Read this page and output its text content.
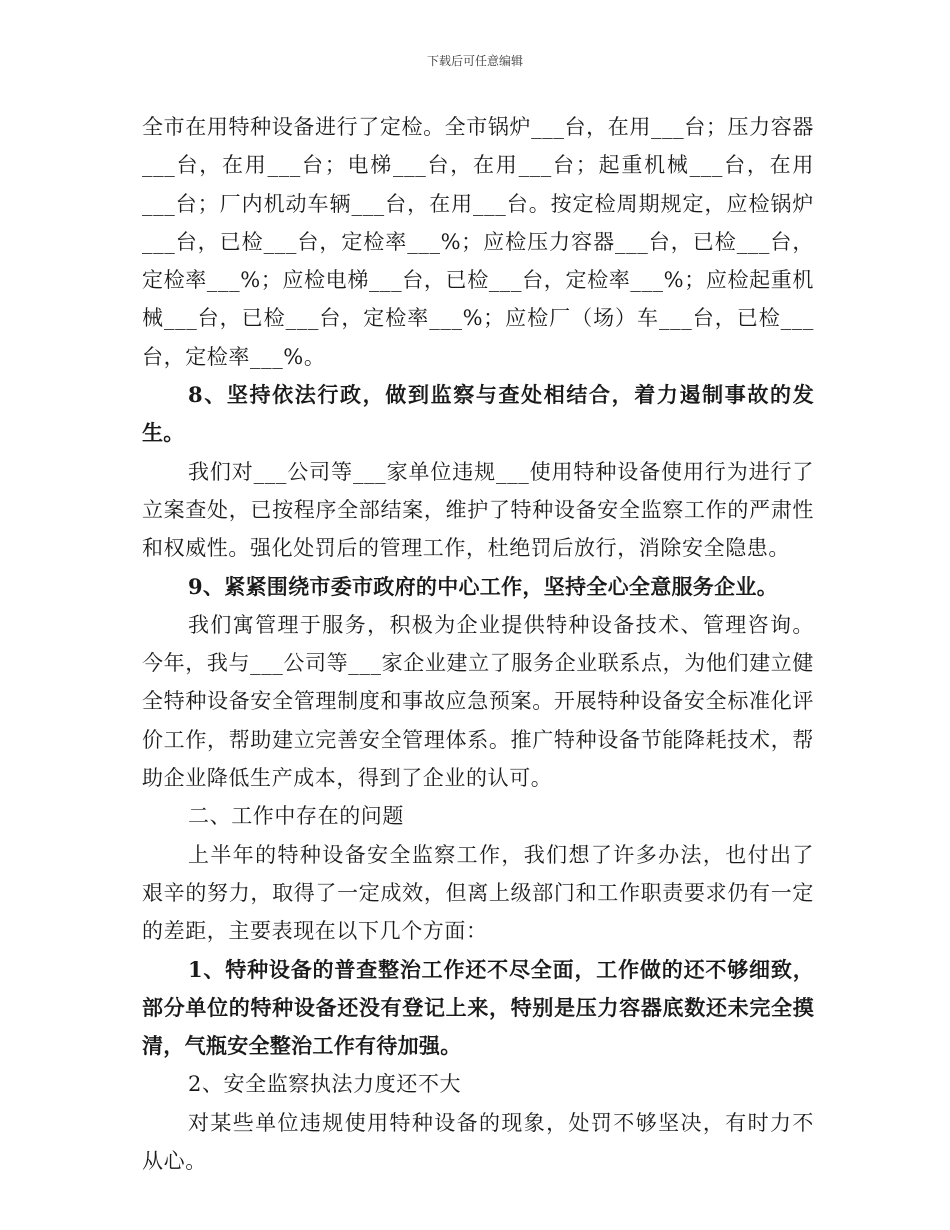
下载后可任意编辑

全市在用特种设备进行了定检。全市锅炉___台，在用___台；压力容器___台，在用___台；电梯___台，在用___台；起重机械___台，在用___台；厂内机动车辆___台，在用___台。按定检周期规定，应检锅炉___台，已检___台，定检率___%；应检压力容器___台，已检___台，定检率___%；应检电梯___台，已检___台，定检率___%；应检起重机械___台，已检___台，定检率___%；应检厂（场）车___台，已检___台，定检率___%。

8、坚持依法行政，做到监察与查处相结合，着力遏制事故的发生。

我们对___公司等___家单位违规___使用特种设备使用行为进行了立案查处，已按程序全部结案，维护了特种设备安全监察工作的严肃性和权威性。强化处罚后的管理工作，杜绝罚后放行，消除安全隐患。

9、紧紧围绕市委市政府的中心工作，坚持全心全意服务企业。

我们寓管理于服务，积极为企业提供特种设备技术、管理咨询。今年，我与___公司等___家企业建立了服务企业联系点，为他们建立健全特种设备安全管理制度和事故应急预案。开展特种设备安全标准化评价工作，帮助建立完善安全管理体系。推广特种设备节能降耗技术，帮助企业降低生产成本，得到了企业的认可。

二、工作中存在的问题

上半年的特种设备安全监察工作，我们想了许多办法，也付出了艰辛的努力，取得了一定成效，但离上级部门和工作职责要求仍有一定的差距，主要表现在以下几个方面：

1、特种设备的普查整治工作还不尽全面，工作做的还不够细致，部分单位的特种设备还没有登记上来，特别是压力容器底数还未完全摸清，气瓶安全整治工作有待加强。

2、安全监察执法力度还不大

对某些单位违规使用特种设备的现象，处罚不够坚决，有时力不从心。
